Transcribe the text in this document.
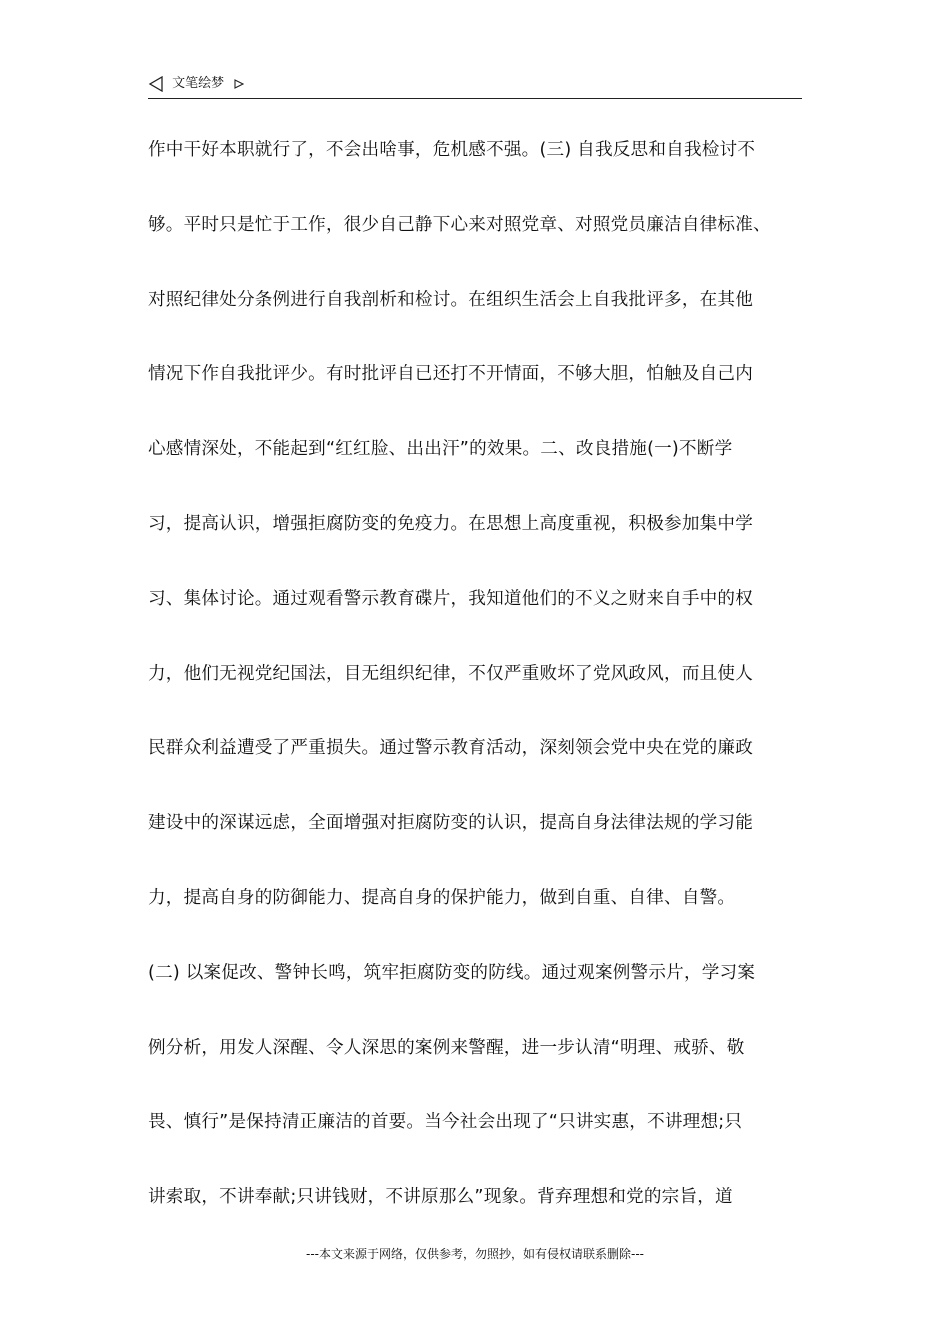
文笔绘梦
作中干好本职就行了，不会出啥事，危机感不强。(三) 自我反思和自我检讨不
够。平时只是忙于工作，很少自己静下心来对照党章、对照党员廉洁自律标准、
对照纪律处分条例进行自我剖析和检讨。在组织生活会上自我批评多，在其他
情况下作自我批评少。有时批评自已还打不开情面，不够大胆，怕触及自己内
心感情深处，不能起到“红红脸、出出汗”的效果。二、改良措施(一)不断学
习，提高认识，增强拒腐防变的免疫力。在思想上高度重视，积极参加集中学
习、集体讨论。通过观看警示教育碟片，我知道他们的不义之财来自手中的权
力，他们无视党纪国法，目无组织纪律，不仅严重败坏了党风政风，而且使人
民群众利益遭受了严重损失。通过警示教育活动，深刻领会党中央在党的廉政
建设中的深谋远虑，全面增强对拒腐防变的认识，提高自身法律法规的学习能
力，提高自身的防御能力、提高自身的保护能力，做到自重、自律、自警。
(二) 以案促改、警钟长鸣，筑牢拒腐防变的防线。通过观案例警示片，学习案
例分析，用发人深醒、令人深思的案例来警醒，进一步认清“明理、戒骄、敬
畏、慎行”是保持清正廉洁的首要。当今社会出现了“只讲实惠，不讲理想;只
讲索取，不讲奉献;只讲钱财，不讲原那么”现象。背弃理想和党的宗旨，道
---本文来源于网络，仅供参考，勿照抄，如有侵权请联系删除---
